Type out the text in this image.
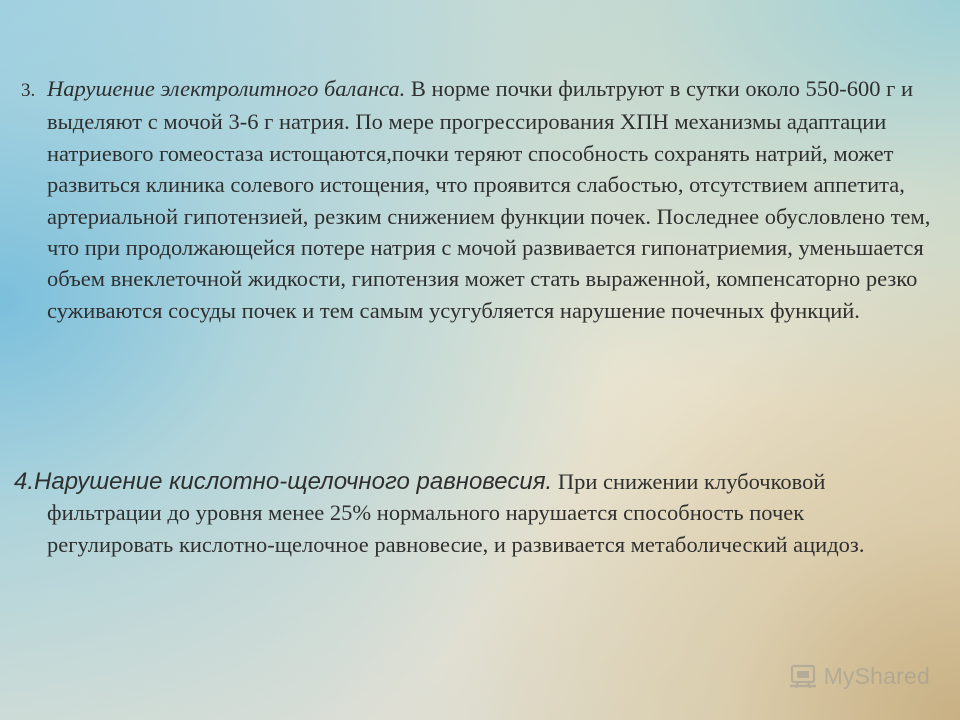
3. Нарушение электролитного баланса. В норме почки фильтруют в сутки около 550-600 г и выделяют с мочой 3-6 г натрия. По мере прогрессирования ХПН механизмы адаптации натриевого гомеостаза истощаются,почки теряют способность сохранять натрий, может развиться клиника солевого истощения, что проявится слабостью, отсутствием аппетита, артериальной гипотензией, резким снижением функции почек. Последнее обусловлено тем, что при продолжающейся потере натрия с мочой развивается гипонатриемия, уменьшается объем внеклеточной жидкости, гипотензия может стать выраженной, компенсаторно резко суживаются сосуды почек и тем самым усугубляется нарушение почечных функций.

4.Нарушение кислотно-щелочного равновесия. При снижении клубочковой фильтрации до уровня менее 25% нормального нарушается способность почек регулировать кислотно-щелочное равновесие, и развивается метаболический ацидоз.

MyShared
